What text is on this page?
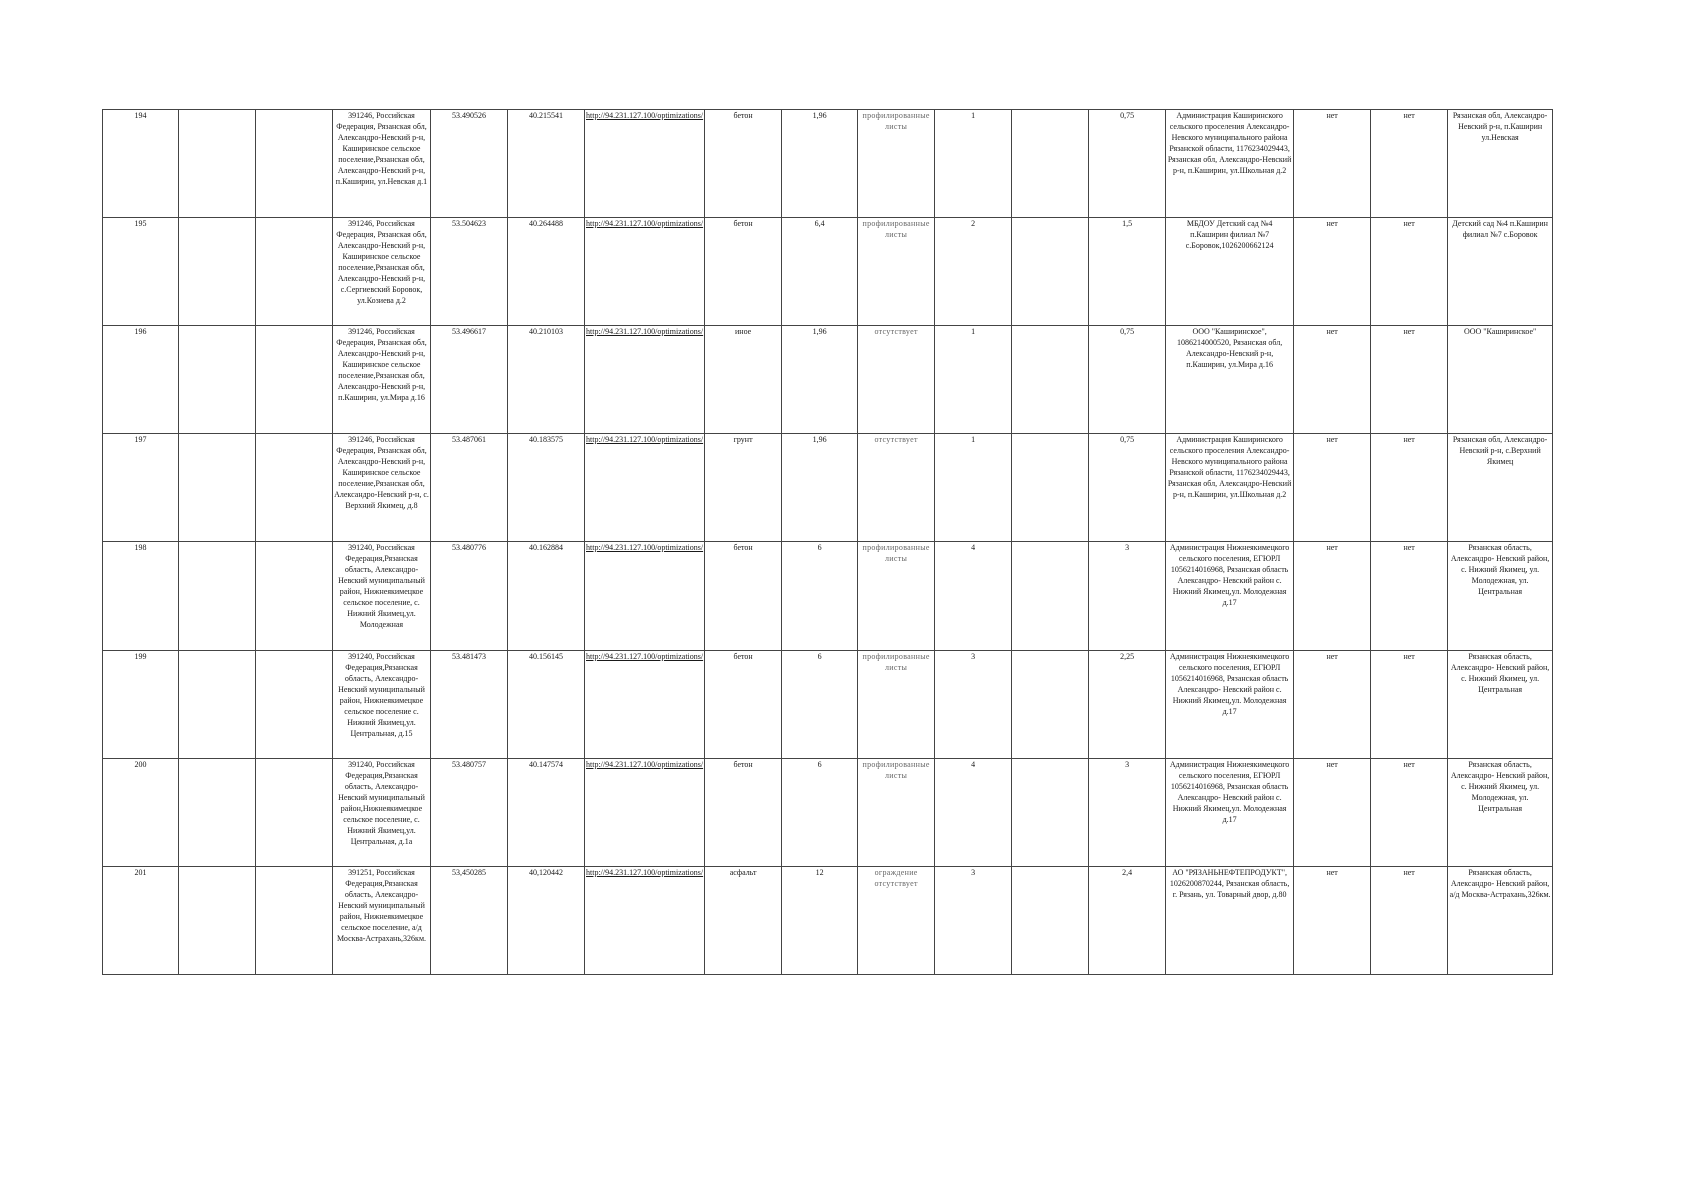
194			391246, Российская Федерация, Рязанская обл, Александро-Невский р-н, Каширинское сельское поселение,Рязанская обл, Александро-Невский р-н, п.Каширин, ул.Невская д.1	53.490526	40.215541	http://94.231.127.100/optimizations/	бетон	1,96	профилированные листы	1		0,75	Администрация Каширинского сельского проселения Александро-Невского муниципального района Рязанской области, 1176234029443, Рязанская обл, Александро-Невский р-н, п.Каширин, ул.Школьная д.2	нет	нет	Рязанская обл, Александро-Невский р-н, п.Каширин ул.Невская
195			391246, Российская Федерация, Рязанская обл, Александро-Невский р-н, Каширинское сельское поселение,Рязанская обл, Александро-Невский р-н, с.Сергиевский Боровок, ул.Козиева д.2	53.504623	40.264488	http://94.231.127.100/optimizations/	бетон	6,4	профилированные листы	2		1,5	МБДОУ Детский сад №4 п.Каширин филиал №7 с.Боровок,1026200662124	нет	нет	Детский сад №4 п.Каширин филиал №7 с.Боровок
196			391246, Российская Федерация, Рязанская обл, Александро-Невский р-н, Каширинское сельское поселение,Рязанская обл, Александро-Невский р-н, п.Каширин, ул.Мира д.16	53.496617	40.210103	http://94.231.127.100/optimizations/	иное	1,96	отсутствует	1		0,75	ООО "Каширинское", 1086214000520, Рязанская обл, Александро-Невский р-н, п.Каширин, ул.Мира д.16	нет	нет	ООО "Каширинское"
197			391246, Российская Федерация, Рязанская обл, Александро-Невский р-н, Каширинское сельское поселение,Рязанская обл, Александро-Невский р-н, с. Верхний Якимец, д.8	53.487061	40.183575	http://94.231.127.100/optimizations/	грунт	1,96	отсутствует	1		0,75	Администрация Каширинского сельского проселения Александро-Невского муниципального района Рязанской области, 1176234029443, Рязанская обл, Александро-Невский р-н, п.Каширин, ул.Школьная д.2	нет	нет	Рязанская обл, Александро-Невский р-н, с.Верхний Якимец
198			391240, Российская Федерация,Рязанская область, Александро-Невский муниципальный район, Нижнеякимецкое сельское поселение, с. Нижний Якимец,ул. Молодежная	53.480776	40.162884	http://94.231.127.100/optimizations/	бетон	6	профилированные листы	4		3	Администрация Нижнеякимецкого сельского поселения, ЕГЮРЛ 1056214016968, Рязанская область Александро- Невский район с. Нижний Якимец,ул. Молодежная д.17	нет	нет	Рязанская область, Александро- Невский район, с. Нижний Якимец, ул. Молодежная, ул. Центральная
199			391240, Российская Федерация,Рязанская область, Александро-Невский муниципальный район, Нижнеякимецкое сельское поселение с. Нижний Якимец,ул. Центральная, д.15	53.481473	40.156145	http://94.231.127.100/optimizations/	бетон	6	профилированные листы	3		2,25	Администрация Нижнеякимецкого сельского поселения, ЕГЮРЛ 1056214016968, Рязанская область Александро- Невский район с. Нижний Якимец,ул. Молодежная д.17	нет	нет	Рязанская область, Александро- Невский район, с. Нижний Якимец, ул. Центральная
200			391240, Российская Федерация,Рязанская область, Александро-Невский муниципальный район,Нижнеякимецкое сельское поселение, с. Нижний Якимец,ул. Центральная, д.1а	53.480757	40.147574	http://94.231.127.100/optimizations/	бетон	6	профилированные листы	4		3	Администрация Нижнеякимецкого сельского поселения, ЕГЮРЛ 1056214016968, Рязанская область Александро- Невский район с. Нижний Якимец,ул. Молодежная д.17	нет	нет	Рязанская область, Александро- Невский район, с. Нижний Якимец, ул. Молодежная, ул. Центральная
201			391251, Российская Федерация,Рязанская область, Александро-Невский муниципальный район, Нижнеякимецкое сельское поселение, а/д Москва-Астрахань,326км.	53,450285	40,120442	http://94.231.127.100/optimizations/	асфальт	12	ограждение отсутствует	3		2,4	АО "РЯЗАНЬНЕФТЕПРОДУКТ", 1026200870244, Рязанская область, г. Рязань, ул. Товарный двор, д.80	нет	нет	Рязанская область, Александро- Невский район, а/д Москва-Астрахань,326км.
